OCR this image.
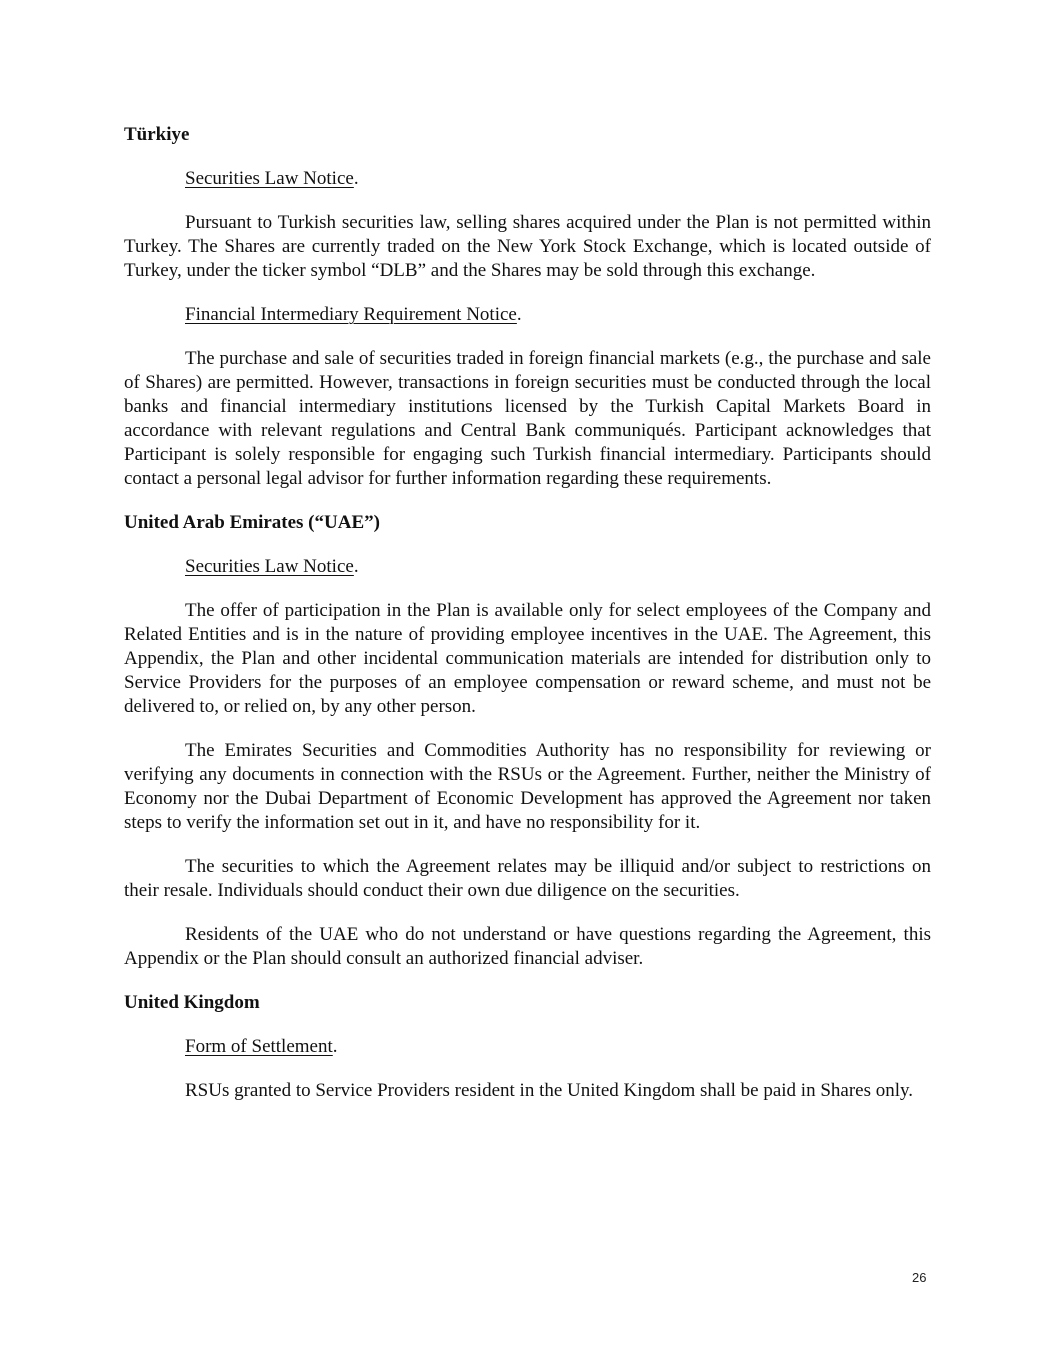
Türkiye

Securities Law Notice.

Pursuant to Turkish securities law, selling shares acquired under the Plan is not permitted within Turkey. The Shares are currently traded on the New York Stock Exchange, which is located outside of Turkey, under the ticker symbol “DLB” and the Shares may be sold through this exchange.

Financial Intermediary Requirement Notice.

The purchase and sale of securities traded in foreign financial markets (e.g., the purchase and sale of Shares) are permitted. However, transactions in foreign securities must be conducted through the local banks and financial intermediary institutions licensed by the Turkish Capital Markets Board in accordance with relevant regulations and Central Bank communiqués. Participant acknowledges that Participant is solely responsible for engaging such Turkish financial intermediary. Participants should contact a personal legal advisor for further information regarding these requirements.

United Arab Emirates (“UAE”)

Securities Law Notice.

The offer of participation in the Plan is available only for select employees of the Company and Related Entities and is in the nature of providing employee incentives in the UAE. The Agreement, this Appendix, the Plan and other incidental communication materials are intended for distribution only to Service Providers for the purposes of an employee compensation or reward scheme, and must not be delivered to, or relied on, by any other person.

The Emirates Securities and Commodities Authority has no responsibility for reviewing or verifying any documents in connection with the RSUs or the Agreement. Further, neither the Ministry of Economy nor the Dubai Department of Economic Development has approved the Agreement nor taken steps to verify the information set out in it, and have no responsibility for it.

The securities to which the Agreement relates may be illiquid and/or subject to restrictions on their resale. Individuals should conduct their own due diligence on the securities.

Residents of the UAE who do not understand or have questions regarding the Agreement, this Appendix or the Plan should consult an authorized financial adviser.

United Kingdom

Form of Settlement.

RSUs granted to Service Providers resident in the United Kingdom shall be paid in Shares only.

26
